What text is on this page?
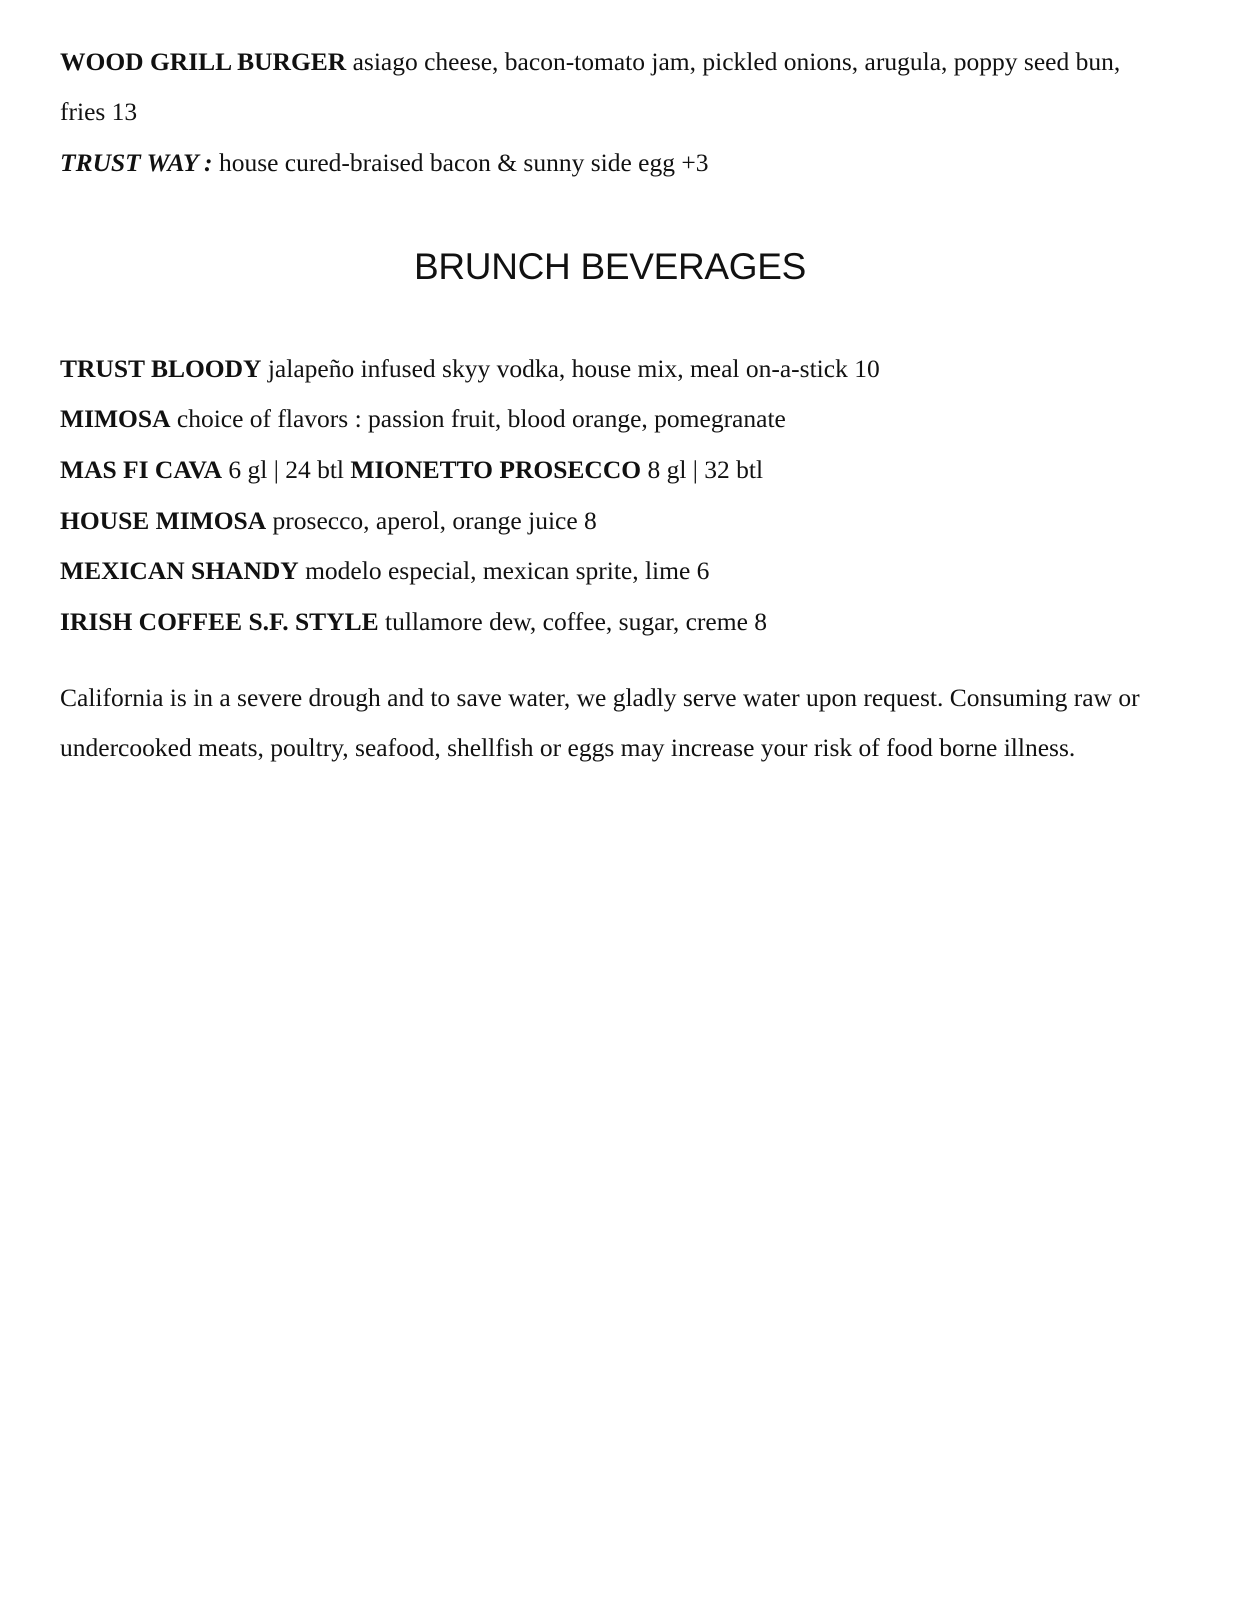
WOOD GRILL BURGER asiago cheese, bacon-tomato jam, pickled onions, arugula, poppy seed bun,
fries 13
TRUST WAY : house cured-braised bacon & sunny side egg +3
BRUNCH BEVERAGES
TRUST BLOODY jalapeño infused skyy vodka, house mix, meal on-a-stick 10
MIMOSA choice of flavors : passion fruit, blood orange, pomegranate
MAS FI CAVA 6 gl | 24 btl MIONETTO PROSECCO 8 gl | 32 btl
HOUSE MIMOSA prosecco, aperol, orange juice 8
MEXICAN SHANDY modelo especial, mexican sprite, lime 6
IRISH COFFEE S.F. STYLE tullamore dew, coffee, sugar, creme 8
California is in a severe drough and to save water, we gladly serve water upon request. Consuming raw or
undercooked meats, poultry, seafood, shellfish or eggs may increase your risk of food borne illness.
